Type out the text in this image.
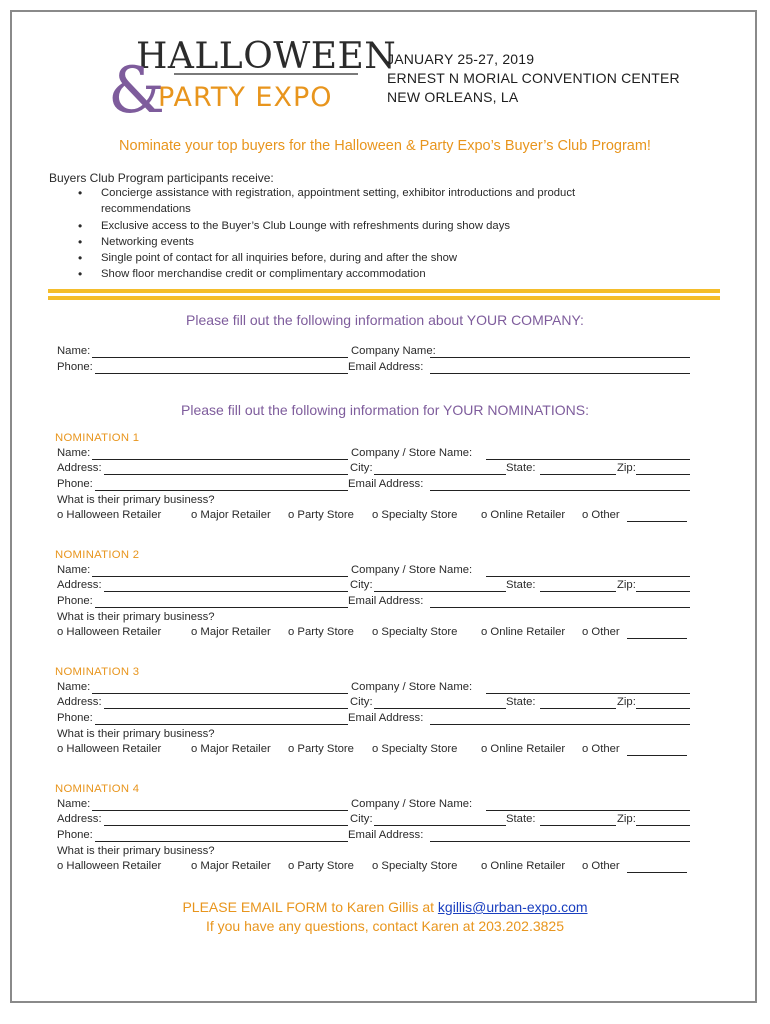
HALLOWEEN
&
PARTY EXPO
JANUARY 25-27, 2019
ERNEST N MORIAL CONVENTION CENTER
NEW ORLEANS, LA
Nominate your top buyers for the Halloween & Party Expo’s Buyer’s Club Program!
Buyers Club Program participants receive:
• Concierge assistance with registration, appointment setting, exhibitor introductions and product recommendations
• Exclusive access to the Buyer’s Club Lounge with refreshments during show days
• Networking events
• Single point of contact for all inquiries before, during and after the show
• Show floor merchandise credit or complimentary accommodation
Please fill out the following information about YOUR COMPANY:
Name:	Company Name:
Phone:	Email Address:
Please fill out the following information for YOUR NOMINATIONS:
NOMINATION 1
Name:	Company / Store Name:
Address:	City:	State:	Zip:
Phone:	Email Address:
What is their primary business?
o Halloween Retailer	o Major Retailer o Party Store o Specialty Store o Online Retailer o Other
NOMINATION 2
Name:	Company / Store Name:
Address:	City:	State:	Zip:
Phone:	Email Address:
What is their primary business?
o Halloween Retailer	o Major Retailer o Party Store o Specialty Store o Online Retailer o Other
NOMINATION 3
Name:	Company / Store Name:
Address:	City:	State:	Zip:
Phone:	Email Address:
What is their primary business?
o Halloween Retailer	o Major Retailer o Party Store o Specialty Store o Online Retailer o Other
NOMINATION 4
Name:	Company / Store Name:
Address:	City:	State:	Zip:
Phone:	Email Address:
What is their primary business?
o Halloween Retailer	o Major Retailer o Party Store o Specialty Store o Online Retailer o Other
PLEASE EMAIL FORM to Karen Gillis at kgillis@urban-expo.com
If you have any questions, contact Karen at 203.202.3825
